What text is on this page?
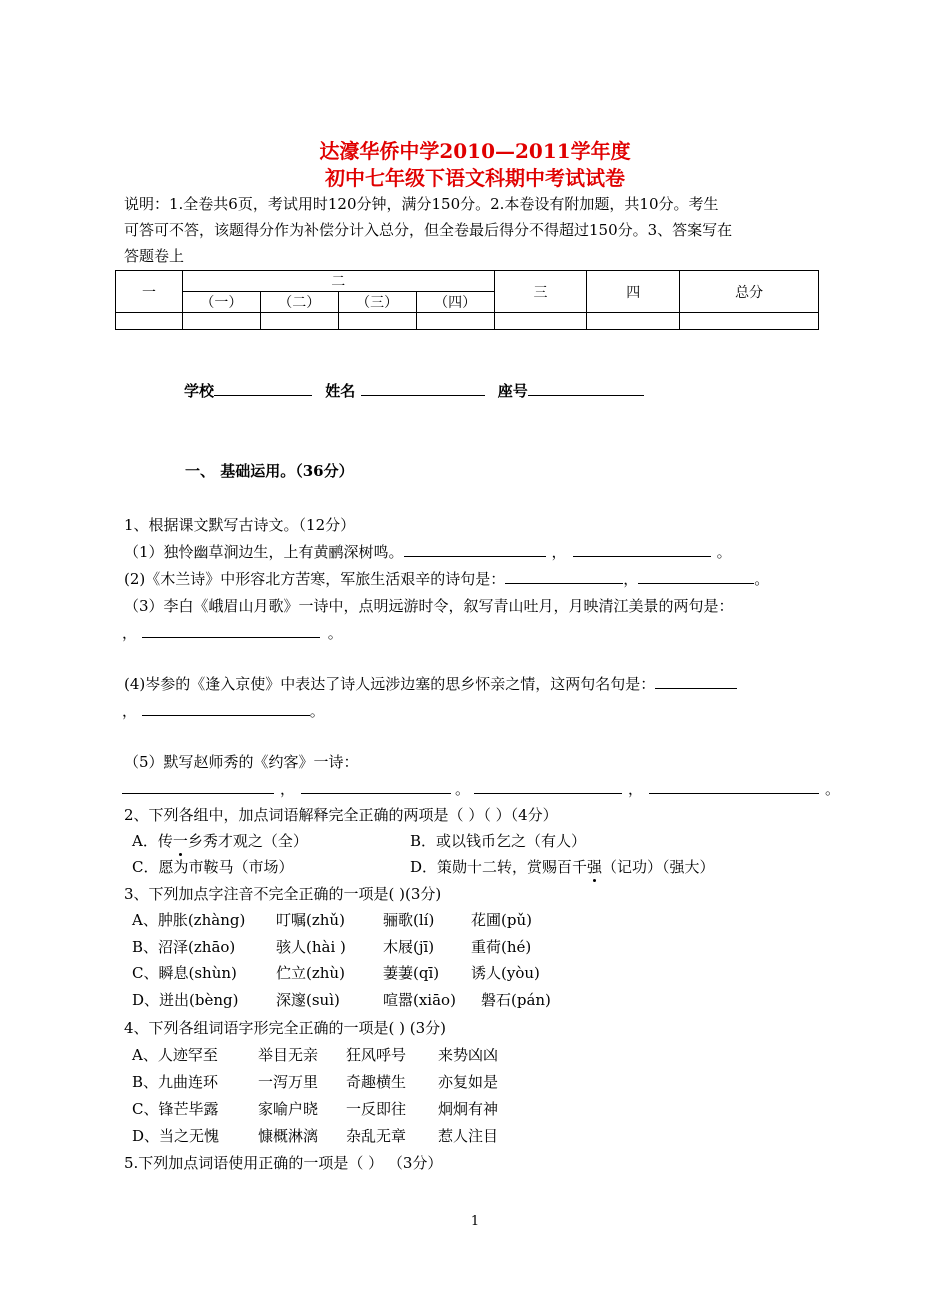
达濠华侨中学2010—2011学年度
初中七年级下语文科期中考试试卷
说明：1.全卷共6页，考试用时120分钟，满分150分。2.本卷设有附加题，共10分。考生
可答可不答，该题得分作为补偿分计入总分，但全卷最后得分不得超过150分。3、答案写在
答题卷上
一	二				三	四	总分
	（一）	（二）	（三）	（四）			

学校	姓名	座号
一、 基础运用。（36分）
1、根据课文默写古诗文。（12分）
（1）独怜幽草涧边生，上有黄鹂深树鸣。	，	。
(2)《木兰诗》中形容北方苦寒，军旅生活艰辛的诗句是：	，	。
（3）李白《峨眉山月歌》一诗中，点明远游时令，叙写青山吐月，月映清江美景的两句是：
，	。
(4)岑参的《逢入京使》中表达了诗人远涉边塞的思乡怀亲之情，这两句名句是：
，	。
（5）默写赵师秀的《约客》一诗：
，	。	，	。
2、下列各组中，加点词语解释完全正确的两项是（ ）（ ）（4分）
A．传一乡秀才观之（全）	B．或以钱币乞之（有人）
C．愿为市鞍马（市场）	D．策勋十二转，赏赐百千强（记功）（强大）
3、下列加点字注音不完全正确的一项是( )(3分)
A、肿胀(zhàng) 叮嘱(zhǔ)	骊歌(lí) 花圃(pǔ)
B、沼泽(zhāo)	骇人(hài ) 木屐(jī) 重荷(hé)
C、瞬息(shùn)	伫立(zhù)	萋萋(qī) 诱人(yòu)
D、迸出(bèng)	深邃(suì)	喧嚣(xiāo) 磐石(pán)
4、下列各组词语字形完全正确的一项是( ) (3分)
A、人迹罕至	举目无亲 狂风呼号 来势凶凶
B、九曲连环	一泻万里 奇趣横生 亦复如是
C、锋芒毕露	家喻户晓 一反即往 炯炯有神
D、当之无愧	慷概淋漓 杂乱无章 惹人注目
5.下列加点词语使用正确的一项是（ ） （3分）
1
